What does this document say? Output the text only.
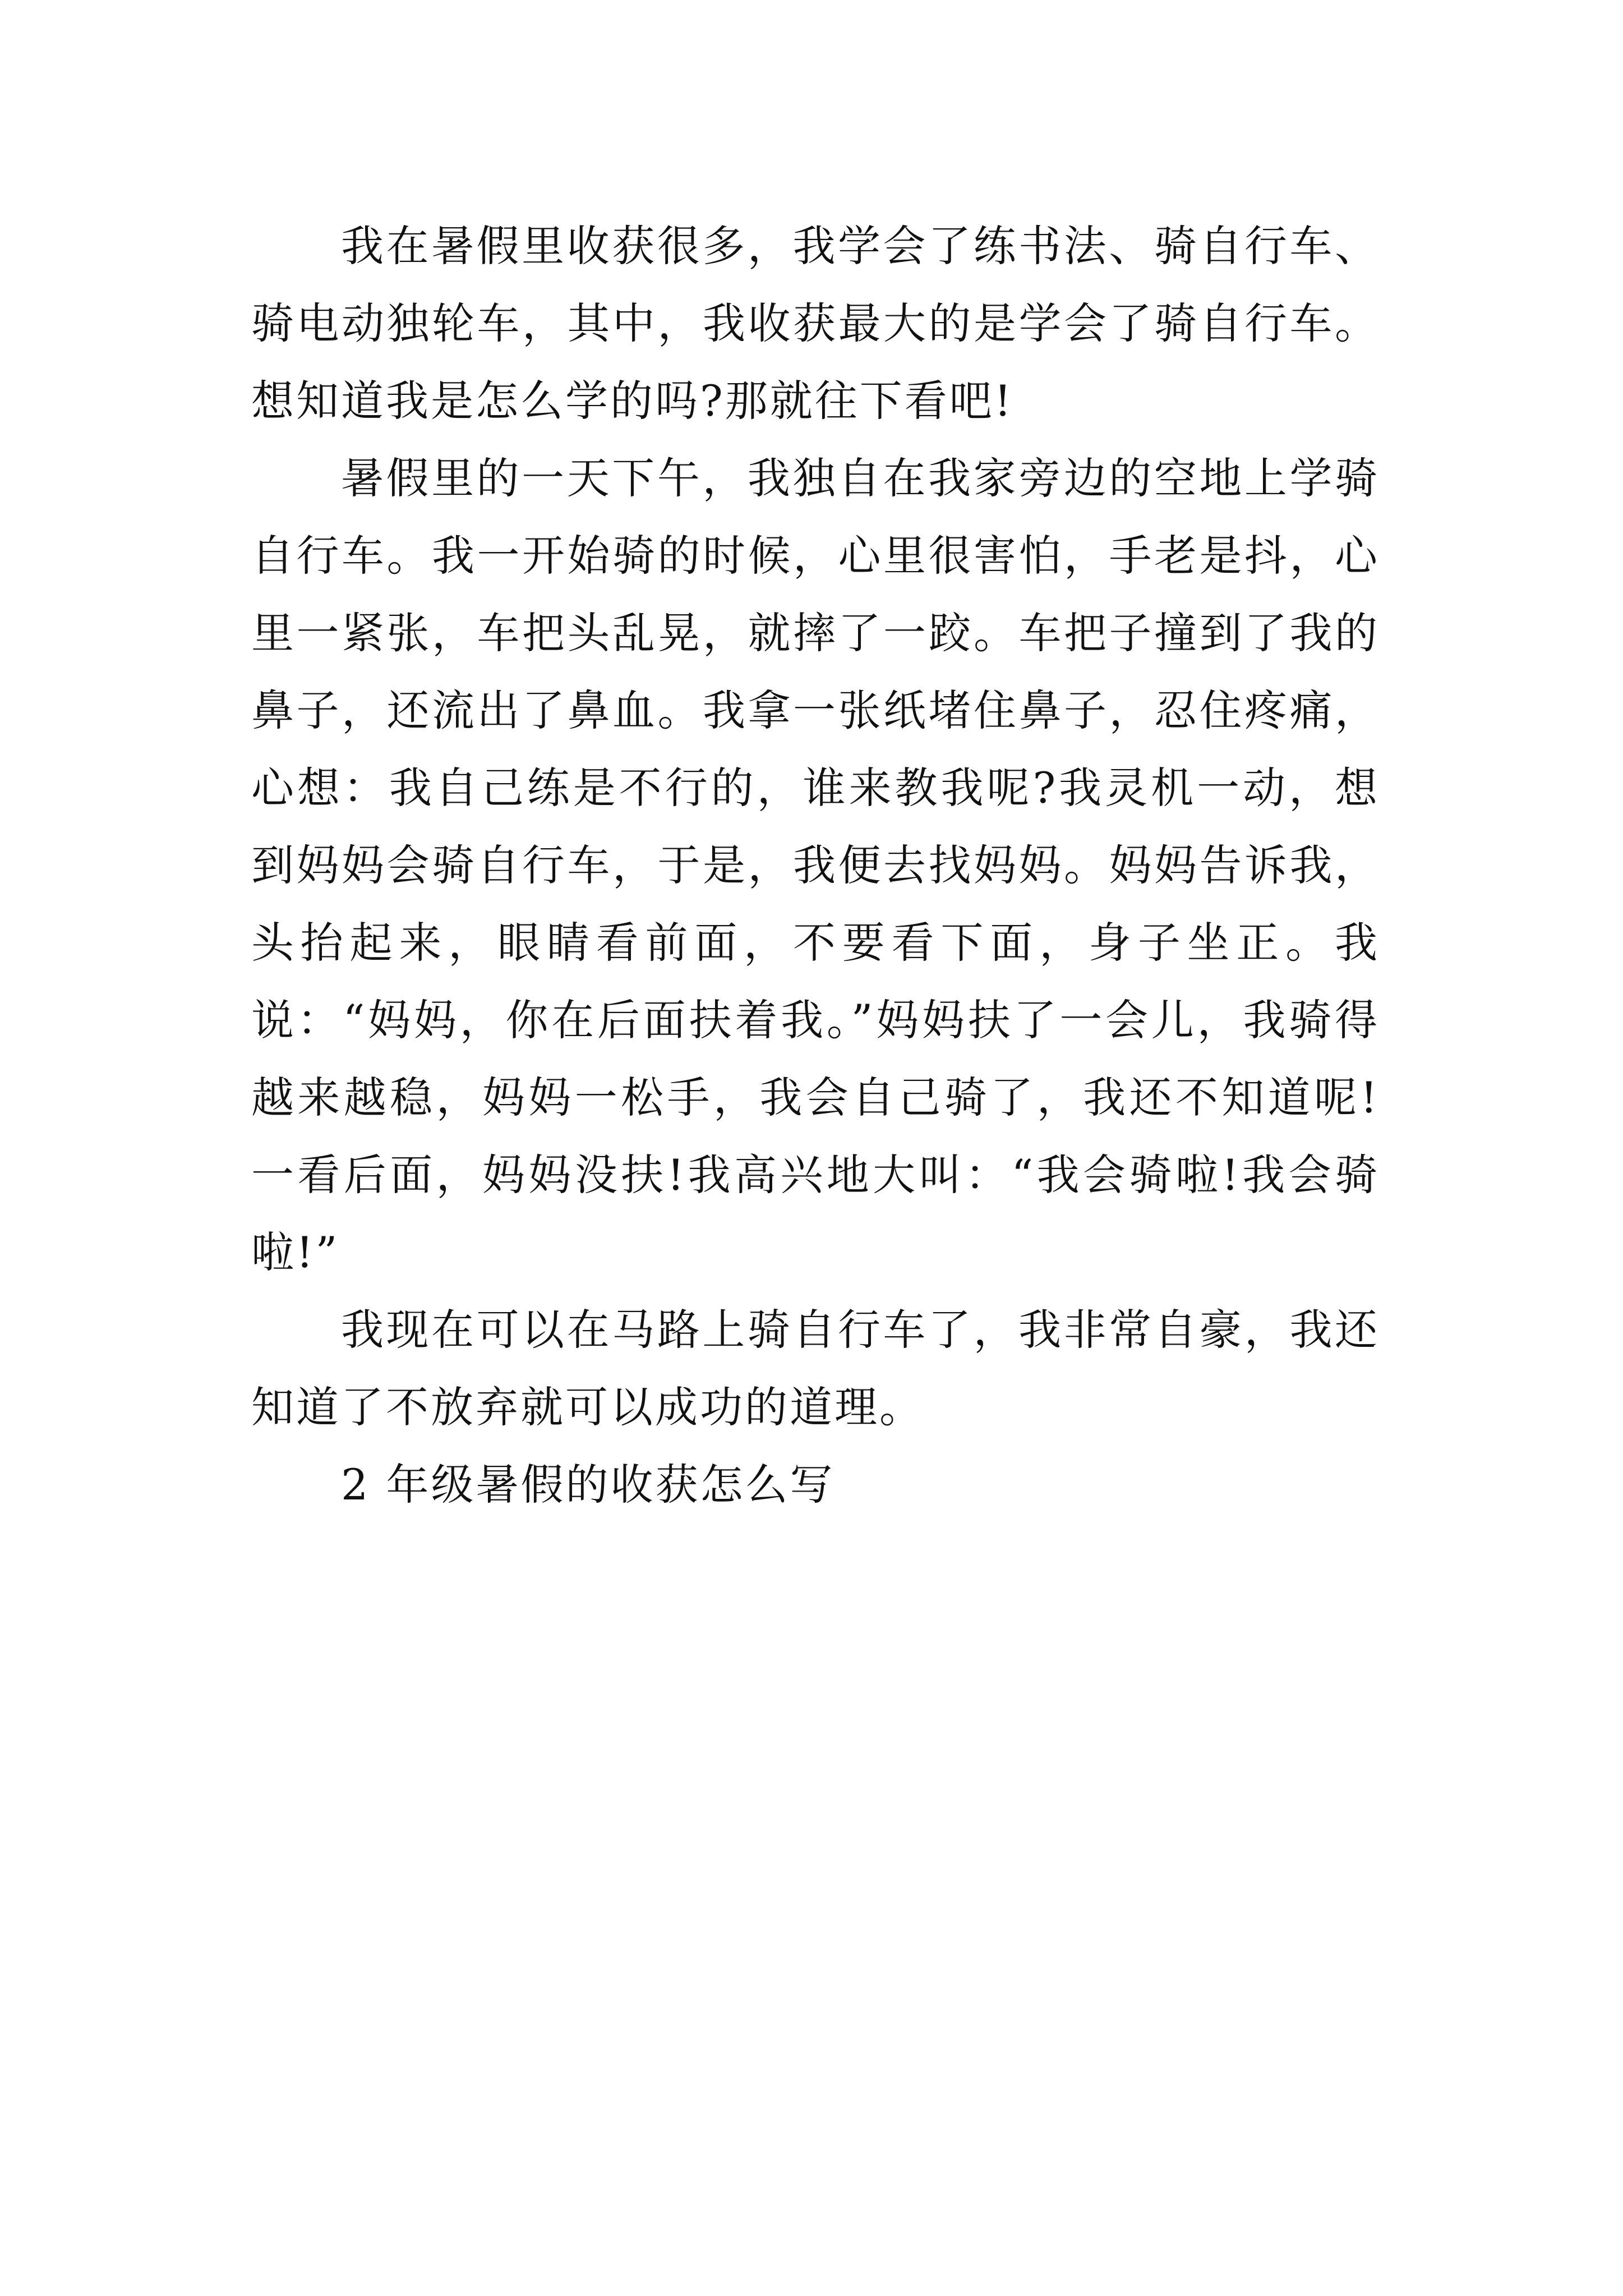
我在暑假里收获很多，我学会了练书法、骑自行车、骑电动独轮车，其中，我收获最大的是学会了骑自行车。想知道我是怎么学的吗?那就往下看吧!

暑假里的一天下午，我独自在我家旁边的空地上学骑自行车。我一开始骑的时候，心里很害怕，手老是抖，心里一紧张，车把头乱晃，就摔了一跤。车把子撞到了我的鼻子，还流出了鼻血。我拿一张纸堵住鼻子，忍住疼痛，心想：我自己练是不行的，谁来教我呢?我灵机一动，想到妈妈会骑自行车，于是，我便去找妈妈。妈妈告诉我，头抬起来，眼睛看前面，不要看下面，身子坐正。我说：“妈妈，你在后面扶着我。”妈妈扶了一会儿，我骑得越来越稳，妈妈一松手，我会自己骑了，我还不知道呢!一看后面，妈妈没扶!我高兴地大叫：“我会骑啦!我会骑啦!”

我现在可以在马路上骑自行车了，我非常自豪，我还知道了不放弃就可以成功的道理。

2 年级暑假的收获怎么写
